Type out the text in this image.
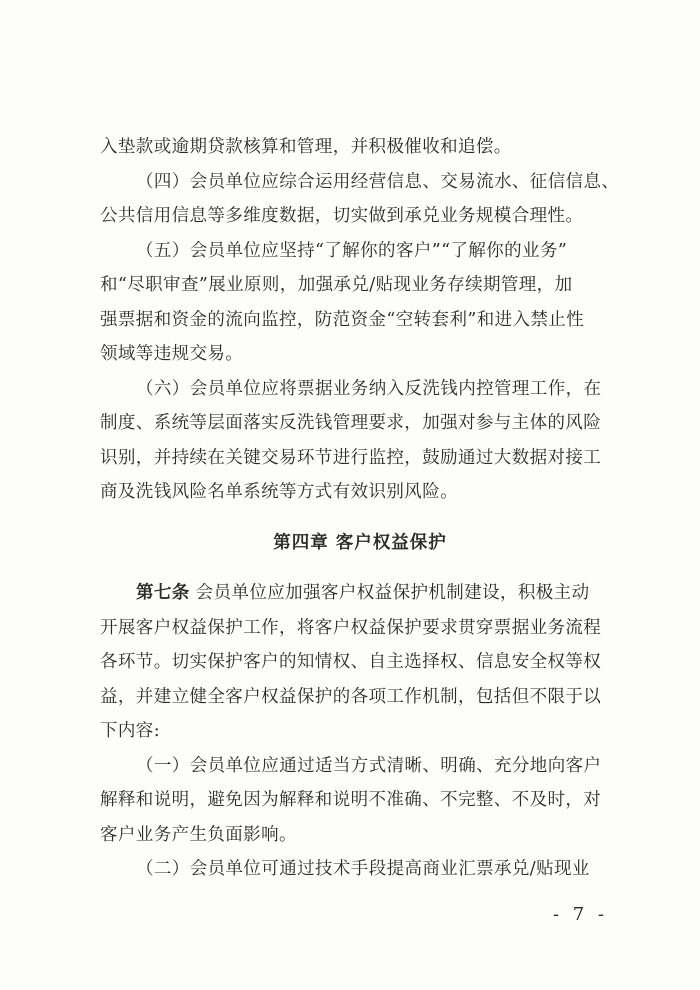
入垫款或逾期贷款核算和管理，并积极催收和追偿。
（四）会员单位应综合运用经营信息、交易流水、征信信息、
公共信用信息等多维度数据，切实做到承兑业务规模合理性。
（五）会员单位应坚持“了解你的客户”“了解你的业务”
和“尽职审查”展业原则，加强承兑/贴现业务存续期管理，加
强票据和资金的流向监控，防范资金“空转套利”和进入禁止性
领域等违规交易。
（六）会员单位应将票据业务纳入反洗钱内控管理工作，在
制度、系统等层面落实反洗钱管理要求，加强对参与主体的风险
识别，并持续在关键交易环节进行监控，鼓励通过大数据对接工
商及洗钱风险名单系统等方式有效识别风险。
第四章 客户权益保护
第七条 会员单位应加强客户权益保护机制建设，积极主动
开展客户权益保护工作，将客户权益保护要求贯穿票据业务流程
各环节。切实保护客户的知情权、自主选择权、信息安全权等权
益，并建立健全客户权益保护的各项工作机制，包括但不限于以
下内容:
（一）会员单位应通过适当方式清晰、明确、充分地向客户
解释和说明，避免因为解释和说明不准确、不完整、不及时，对
客户业务产生负面影响。
（二）会员单位可通过技术手段提高商业汇票承兑/贴现业
- 7 -
